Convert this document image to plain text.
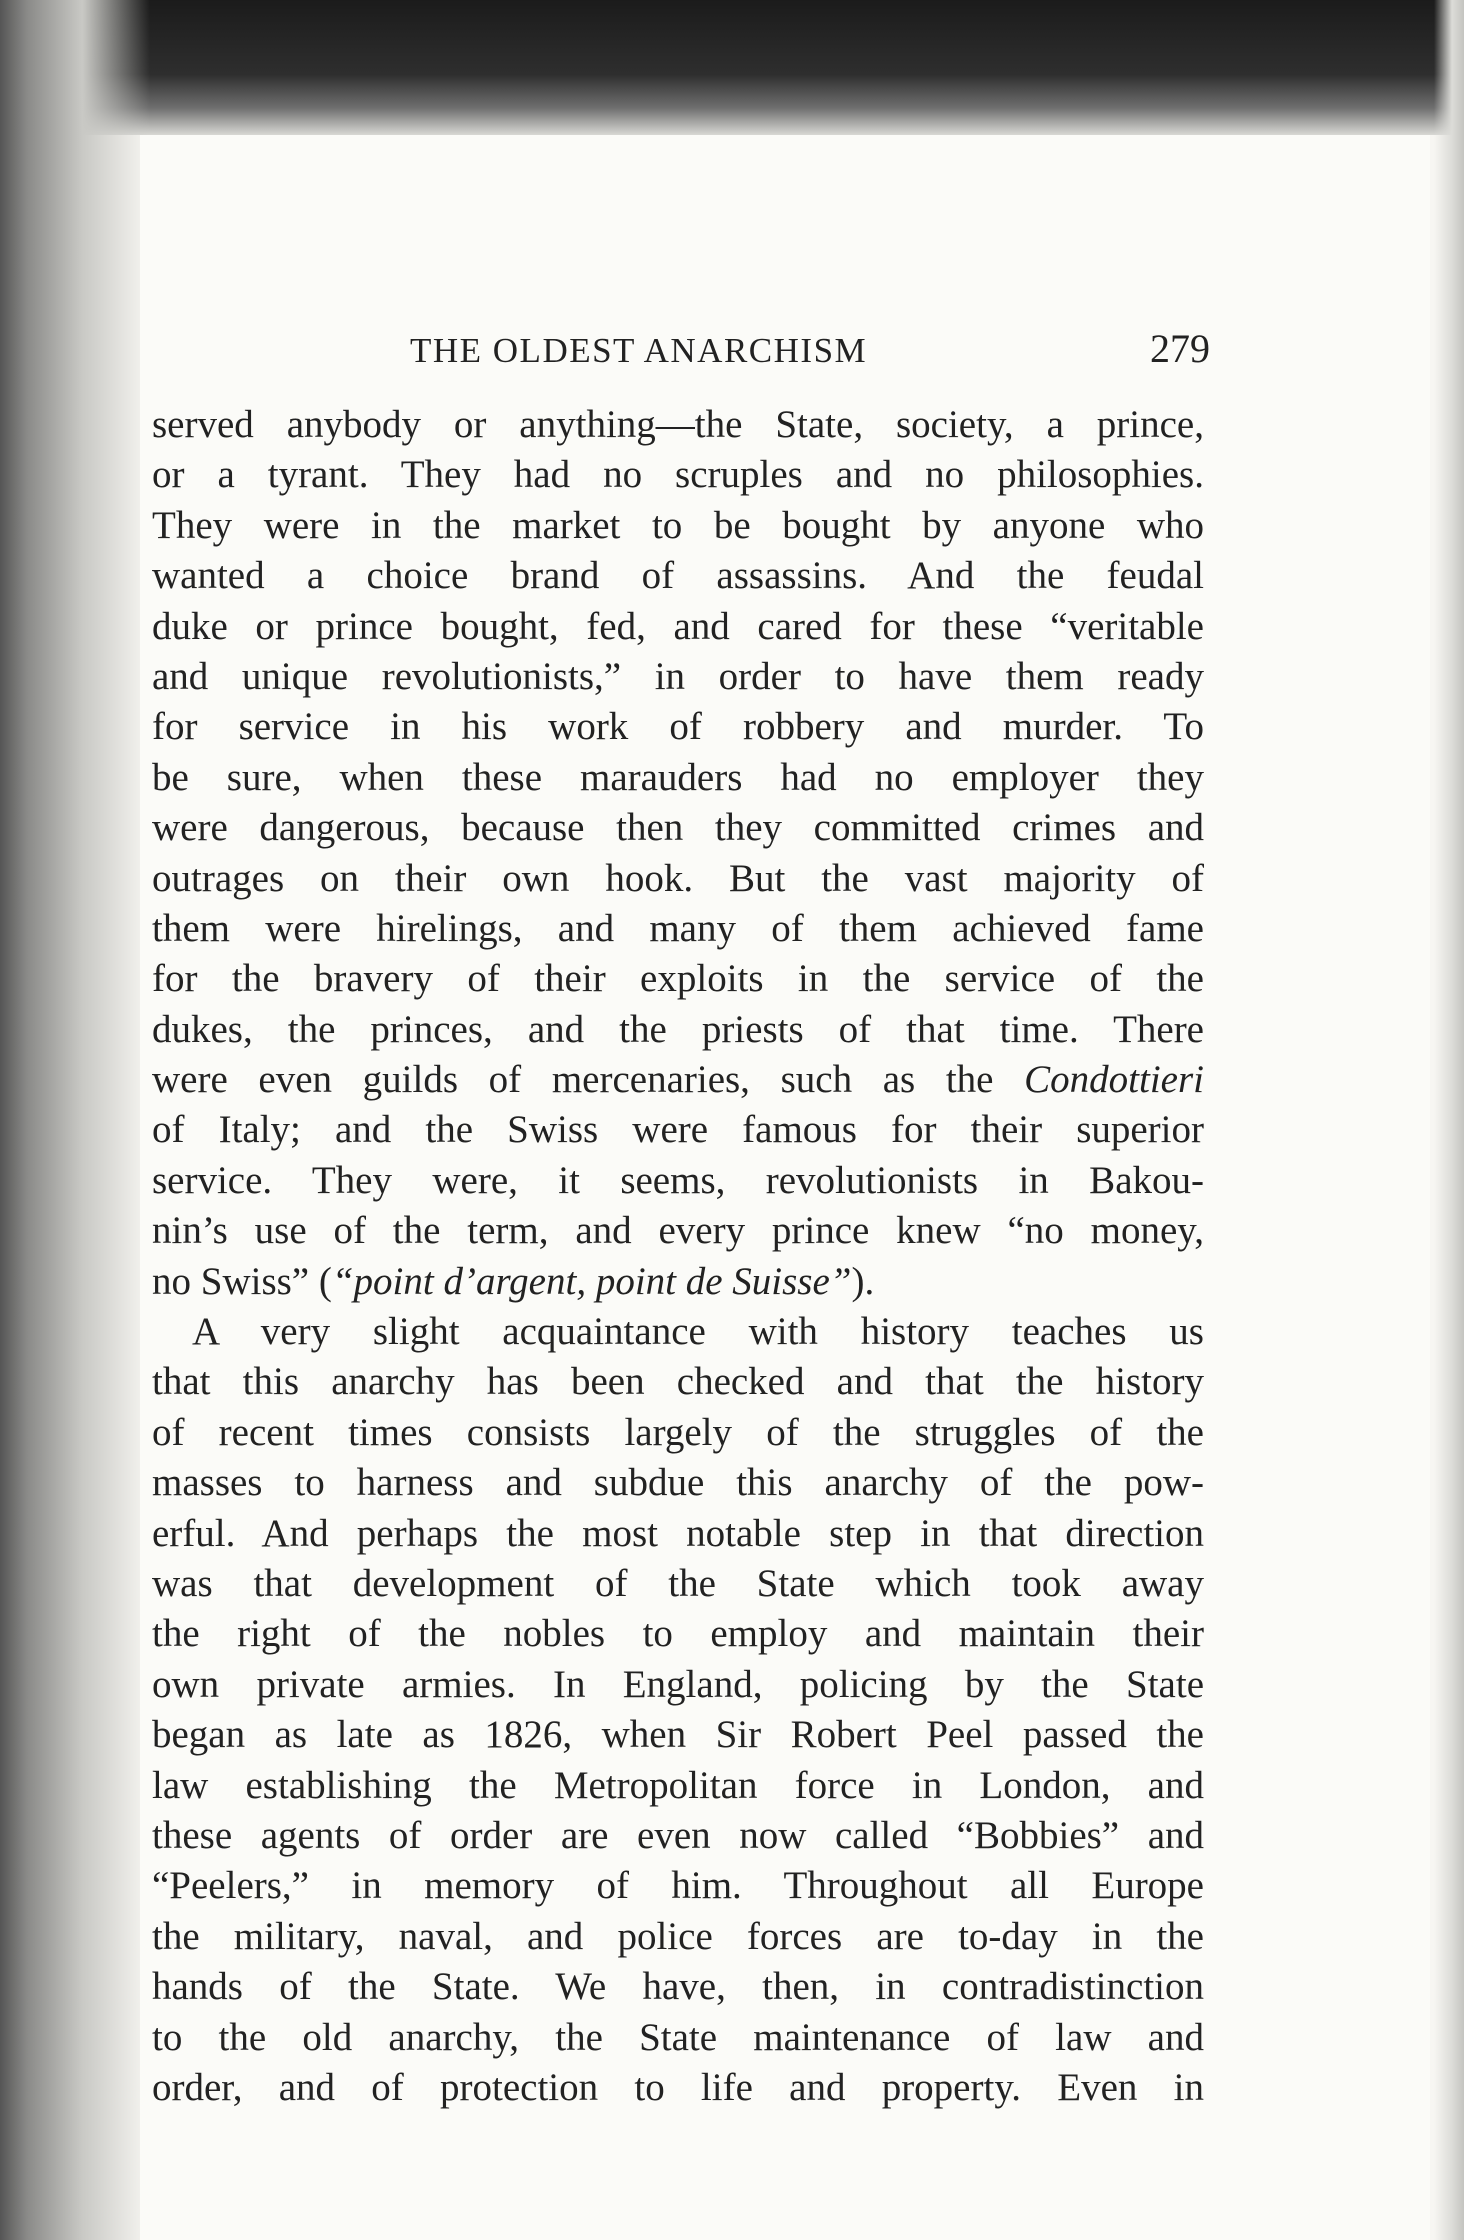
THE OLDEST ANARCHISM	279
served anybody or anything—the State, society, a prince,
or a tyrant. They had no scruples and no philosophies.
They were in the market to be bought by anyone who
wanted a choice brand of assassins. And the feudal
duke or prince bought, fed, and cared for these “veritable
and unique revolutionists,” in order to have them ready
for service in his work of robbery and murder. To
be sure, when these marauders had no employer they
were dangerous, because then they committed crimes and
outrages on their own hook. But the vast majority of
them were hirelings, and many of them achieved fame
for the bravery of their exploits in the service of the
dukes, the princes, and the priests of that time. There
were even guilds of mercenaries, such as the Condottieri
of Italy; and the Swiss were famous for their superior
service. They were, it seems, revolutionists in Bakou-
nin’s use of the term, and every prince knew “no money,
no Swiss” (“point d’argent, point de Suisse”).
A very slight acquaintance with history teaches us
that this anarchy has been checked and that the history
of recent times consists largely of the struggles of the
masses to harness and subdue this anarchy of the pow-
erful. And perhaps the most notable step in that direction
was that development of the State which took away
the right of the nobles to employ and maintain their
own private armies. In England, policing by the State
began as late as 1826, when Sir Robert Peel passed the
law establishing the Metropolitan force in London, and
these agents of order are even now called “Bobbies” and
“Peelers,” in memory of him. Throughout all Europe
the military, naval, and police forces are to-day in the
hands of the State. We have, then, in contradistinction
to the old anarchy, the State maintenance of law and
order, and of protection to life and property. Even in
